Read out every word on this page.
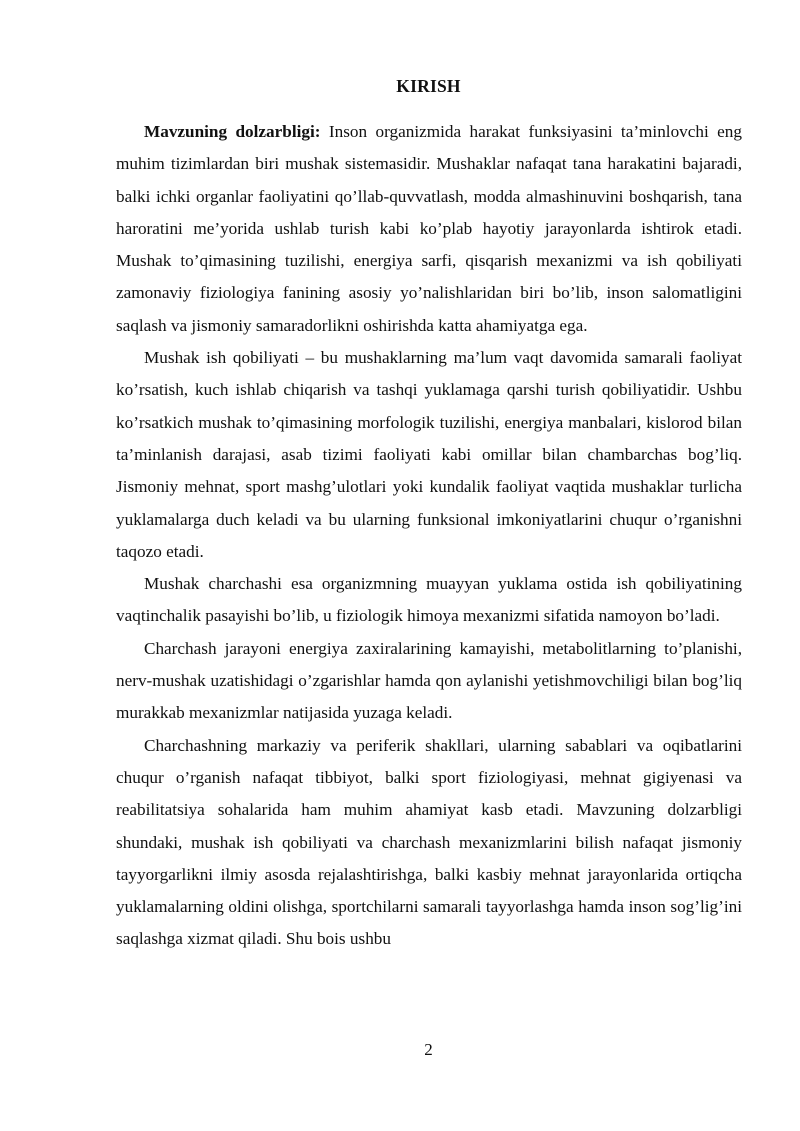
KIRISH

Mavzuning dolzarbligi: Inson organizmida harakat funksiyasini ta’minlovchi eng muhim tizimlardan biri mushak sistemasidir. Mushaklar nafaqat tana harakatini bajaradi, balki ichki organlar faoliyatini qo’llab-quvvatlash, modda almashinuvini boshqarish, tana haroratini me’yorida ushlab turish kabi ko’plab hayotiy jarayonlarda ishtirok etadi. Mushak to’qimasining tuzilishi, energiya sarfi, qisqarish mexanizmi va ish qobiliyati zamonaviy fiziologiya fanining asosiy yo’nalishlaridan biri bo’lib, inson salomatligini saqlash va jismoniy samaradorlikni oshirishda katta ahamiyatga ega.

Mushak ish qobiliyati – bu mushaklarning ma’lum vaqt davomida samarali faoliyat ko’rsatish, kuch ishlab chiqarish va tashqi yuklamaga qarshi turish qobiliyatidir. Ushbu ko’rsatkich mushak to’qimasining morfologik tuzilishi, energiya manbalari, kislorod bilan ta’minlanish darajasi, asab tizimi faoliyati kabi omillar bilan chambarchas bog’liq. Jismoniy mehnat, sport mashg’ulotlari yoki kundalik faoliyat vaqtida mushaklar turlicha yuklamalarga duch keladi va bu ularning funksional imkoniyatlarini chuqur o’rganishni taqozo etadi.

Mushak charchashi esa organizmning muayyan yuklama ostida ish qobiliyatining vaqtinchalik pasayishi bo’lib, u fiziologik himoya mexanizmi sifatida namoyon bo’ladi.

Charchash jarayoni energiya zaxiralarining kamayishi, metabolitlarning to’planishi, nerv-mushak uzatishidagi o’zgarishlar hamda qon aylanishi yetishmovchiligi bilan bog’liq murakkab mexanizmlar natijasida yuzaga keladi.

Charchashning markaziy va periferik shakllari, ularning sabablari va oqibatlarini chuqur o’rganish nafaqat tibbiyot, balki sport fiziologiyasi, mehnat gigiyenasi va reabilitatsiya sohalarida ham muhim ahamiyat kasb etadi. Mavzuning dolzarbligi shundaki, mushak ish qobiliyati va charchash mexanizmlarini bilish nafaqat jismoniy tayyorgarlikni ilmiy asosda rejalashtirishga, balki kasbiy mehnat jarayonlarida ortiqcha yuklamalarning oldini olishga, sportchilarni samarali tayyorlashga hamda inson sog’lig’ini saqlashga xizmat qiladi. Shu bois ushbu

2
